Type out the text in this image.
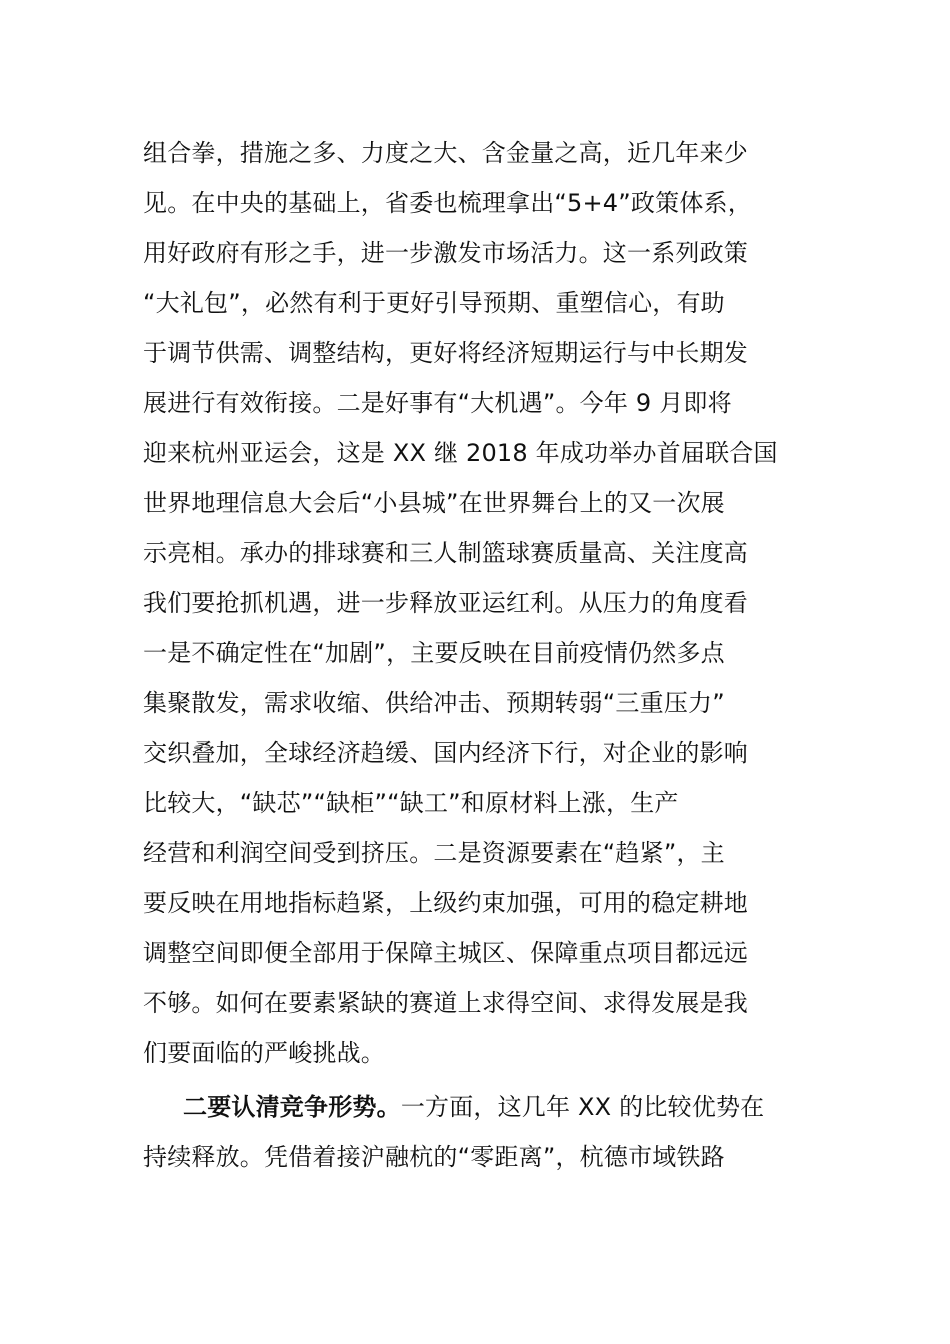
组合拳，措施之多、力度之大、含金量之高，近几年来少
见。在中央的基础上，省委也梳理拿出“5+4”政策体系，
用好政府有形之手，进一步激发市场活力。这一系列政策
“大礼包”，必然有利于更好引导预期、重塑信心，有助
于调节供需、调整结构，更好将经济短期运行与中长期发
展进行有效衔接。二是好事有“大机遇”。今年 9 月即将
迎来杭州亚运会，这是 XX 继 2018 年成功举办首届联合国
世界地理信息大会后“小县城”在世界舞台上的又一次展
示亮相。承办的排球赛和三人制篮球赛质量高、关注度高
我们要抢抓机遇，进一步释放亚运红利。从压力的角度看
一是不确定性在“加剧”，主要反映在目前疫情仍然多点
集聚散发，需求收缩、供给冲击、预期转弱“三重压力”
交织叠加，全球经济趋缓、国内经济下行，对企业的影响
比较大，“缺芯”“缺柜”“缺工”和原材料上涨，生产
经营和利润空间受到挤压。二是资源要素在“趋紧”，主
要反映在用地指标趋紧，上级约束加强，可用的稳定耕地
调整空间即便全部用于保障主城区、保障重点项目都远远
不够。如何在要素紧缺的赛道上求得空间、求得发展是我
们要面临的严峻挑战。
二要认清竞争形势。一方面，这几年 XX 的比较优势在
持续释放。凭借着接沪融杭的“零距离”，杭德市域铁路
